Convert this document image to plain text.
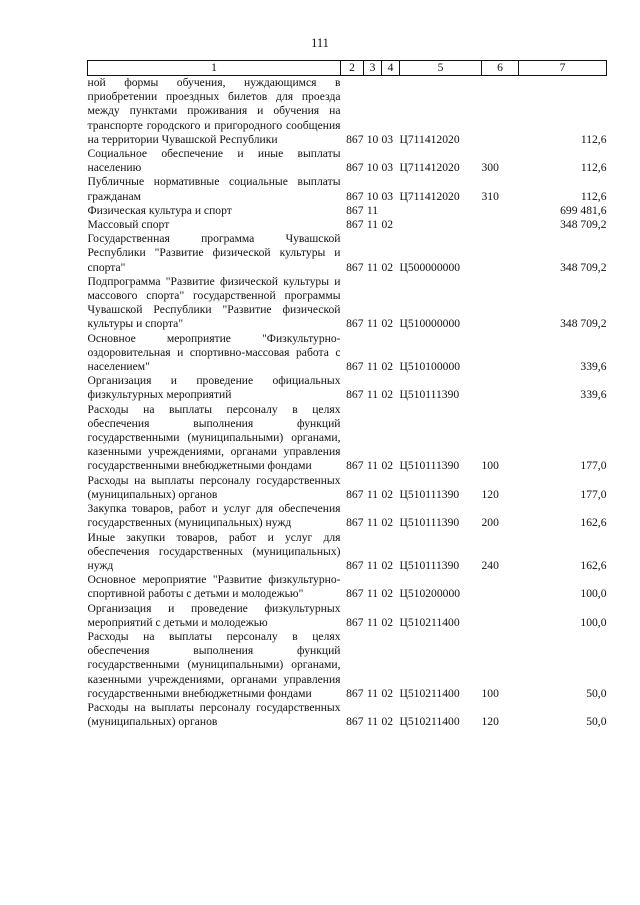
111
1	2	3	4	5	6	7
ной формы обучения, нуждающимся в приобретении проездных билетов для проезда между пунктами проживания и обучения на транспорте городского и пригородного сообщения на территории Чувашской Республики	867	10	03	Ц711412020		112,6
Социальное обеспечение и иные выплаты населению	867	10	03	Ц711412020	300	112,6
Публичные нормативные социальные выплаты гражданам	867	10	03	Ц711412020	310	112,6
Физическая культура и спорт	867	11				699 481,6
Массовый спорт	867	11	02			348 709,2
Государственная программа Чувашской Республики "Развитие физической культуры и спорта"	867	11	02	Ц500000000		348 709,2
Подпрограмма "Развитие физической культуры и массового спорта" государственной программы Чувашской Республики "Развитие физической культуры и спорта"	867	11	02	Ц510000000		348 709,2
Основное мероприятие "Физкультурно-оздоровительная и спортивно-массовая работа с населением"	867	11	02	Ц510100000		339,6
Организация и проведение официальных физкультурных мероприятий	867	11	02	Ц510111390		339,6
Расходы на выплаты персоналу в целях обеспечения выполнения функций государственными (муниципальными) органами, казенными учреждениями, органами управления государственными внебюджетными фондами	867	11	02	Ц510111390	100	177,0
Расходы на выплаты персоналу государственных (муниципальных) органов	867	11	02	Ц510111390	120	177,0
Закупка товаров, работ и услуг для обеспечения государственных (муниципальных) нужд	867	11	02	Ц510111390	200	162,6
Иные закупки товаров, работ и услуг для обеспечения государственных (муниципальных) нужд	867	11	02	Ц510111390	240	162,6
Основное мероприятие "Развитие физкультурно-спортивной работы с детьми и молодежью"	867	11	02	Ц510200000		100,0
Организация и проведение физкультурных мероприятий с детьми и молодежью	867	11	02	Ц510211400		100,0
Расходы на выплаты персоналу в целях обеспечения выполнения функций государственными (муниципальными) органами, казенными учреждениями, органами управления государственными внебюджетными фондами	867	11	02	Ц510211400	100	50,0
Расходы на выплаты персоналу государственных (муниципальных) органов	867	11	02	Ц510211400	120	50,0
